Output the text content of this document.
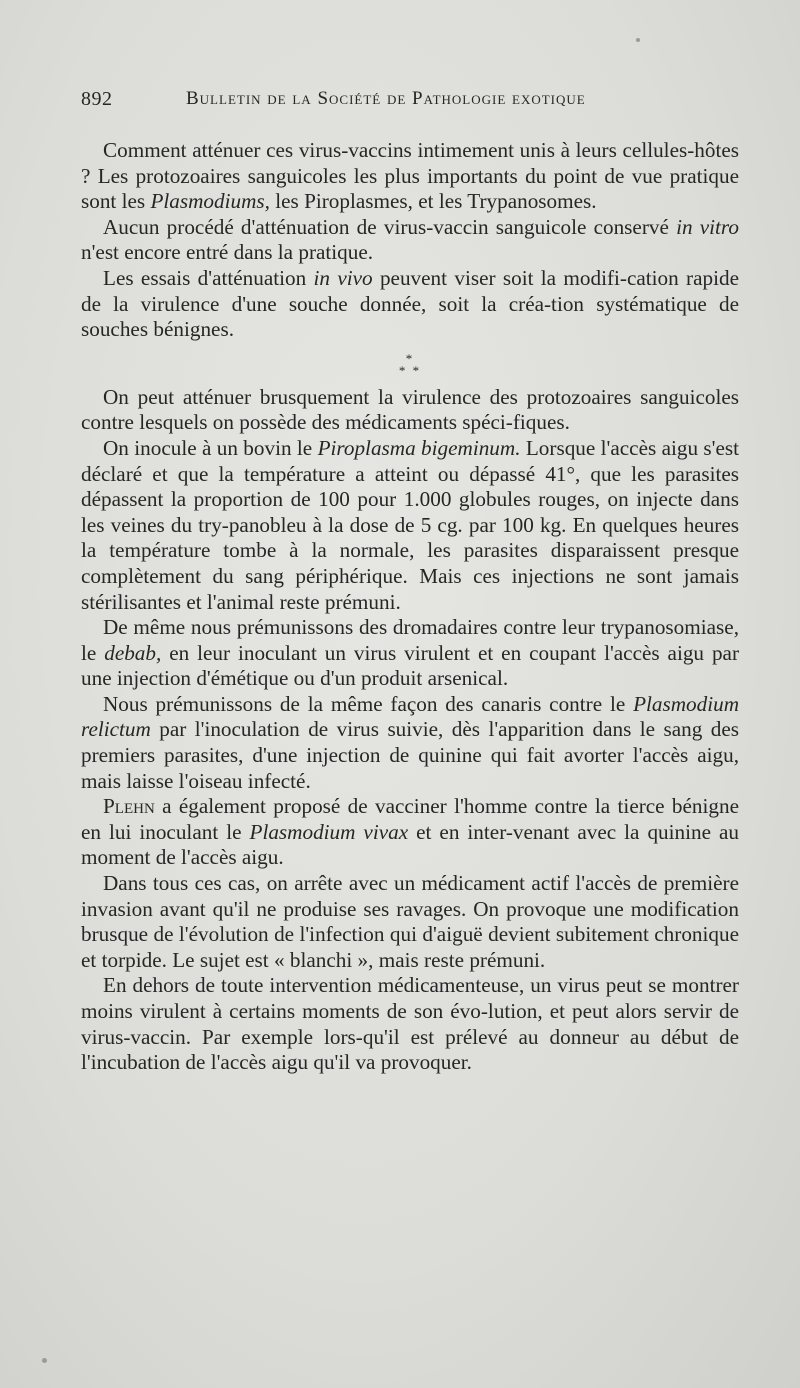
892	Bulletin de la Société de Pathologie exotique

Comment atténuer ces virus-vaccins intimement unis à leurs cellules-hôtes ? Les protozoaires sanguicoles les plus importants du point de vue pratique sont les Plasmodiums, les Piroplasmes, et les Trypanosomes.

Aucun procédé d'atténuation de virus-vaccin sanguicole conservé in vitro n'est encore entré dans la pratique.

Les essais d'atténuation in vivo peuvent viser soit la modifi-cation rapide de la virulence d'une souche donnée, soit la créa-tion systématique de souches bénignes.

*
* *

On peut atténuer brusquement la virulence des protozoaires sanguicoles contre lesquels on possède des médicaments spéci-fiques.

On inocule à un bovin le Piroplasma bigeminum. Lorsque l'accès aigu s'est déclaré et que la température a atteint ou dépassé 41°, que les parasites dépassent la proportion de 100 pour 1.000 globules rouges, on injecte dans les veines du try-panobleu à la dose de 5 cg. par 100 kg. En quelques heures la température tombe à la normale, les parasites disparaissent presque complètement du sang périphérique. Mais ces injections ne sont jamais stérilisantes et l'animal reste prémuni.

De même nous prémunissons des dromadaires contre leur trypanosomiase, le debab, en leur inoculant un virus virulent et en coupant l'accès aigu par une injection d'émétique ou d'un produit arsenical.

Nous prémunissons de la même façon des canaris contre le Plasmodium relictum par l'inoculation de virus suivie, dès l'apparition dans le sang des premiers parasites, d'une injection de quinine qui fait avorter l'accès aigu, mais laisse l'oiseau infecté.

Plehn a également proposé de vacciner l'homme contre la tierce bénigne en lui inoculant le Plasmodium vivax et en inter-venant avec la quinine au moment de l'accès aigu.

Dans tous ces cas, on arrête avec un médicament actif l'accès de première invasion avant qu'il ne produise ses ravages. On provoque une modification brusque de l'évolution de l'infection qui d'aiguë devient subitement chronique et torpide. Le sujet est « blanchi », mais reste prémuni.

En dehors de toute intervention médicamenteuse, un virus peut se montrer moins virulent à certains moments de son évo-lution, et peut alors servir de virus-vaccin. Par exemple lors-qu'il est prélevé au donneur au début de l'incubation de l'accès aigu qu'il va provoquer.
